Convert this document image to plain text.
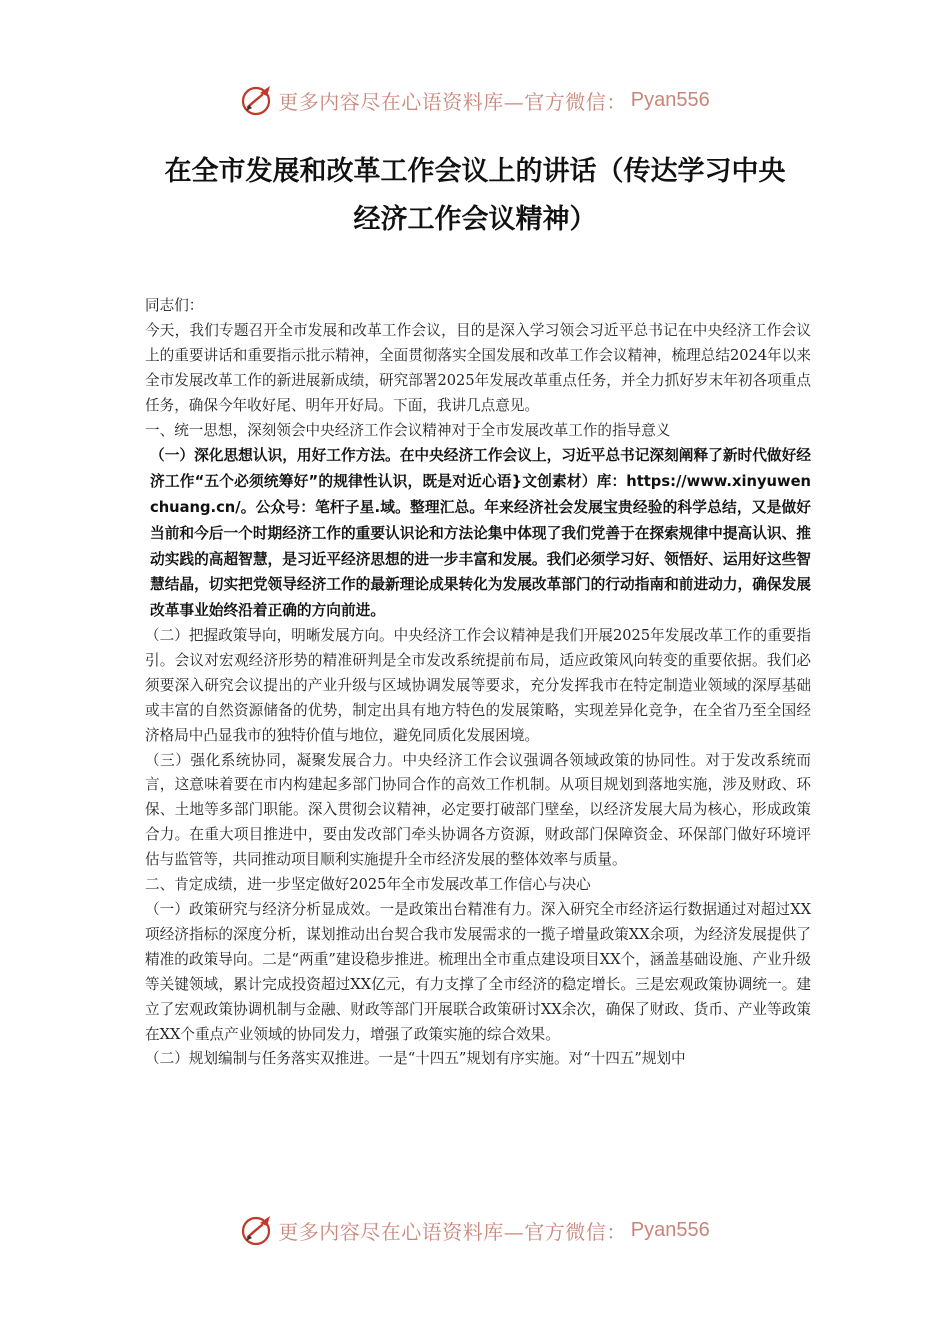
更多内容尽在心语资料库—官方微信： Pyan556
在全市发展和改革工作会议上的讲话（传达学习中央
经济工作会议精神）

同志们：

今天，我们专题召开全市发展和改革工作会议，目的是深入学习领会习近平总书记在中央经济工作会议上的重要讲话和重要指示批示精神，全面贯彻落实全国发展和改革工作会议精神，梳理总结2024年以来全市发展改革工作的新进展新成绩，研究部署2025年发展改革重点任务，并全力抓好岁末年初各项重点任务，确保今年收好尾、明年开好局。下面，我讲几点意见。

一、统一思想，深刻领会中央经济工作会议精神对于全市发展改革工作的指导意义

（一）深化思想认识，用好工作方法。在中央经济工作会议上，习近平总书记深刻阐释了新时代做好经济工作“五个必须统筹好”的规律性认识，既是对近心语}文创素材）库：https://www.xinyuwenchuang.cn/。公众号：笔杆子星.域。整理汇总。年来经济社会发展宝贵经验的科学总结，又是做好当前和今后一个时期经济工作的重要认识论和方法论集中体现了我们党善于在探索规律中提高认识、推动实践的高超智慧，是习近平经济思想的进一步丰富和发展。我们必须学习好、领悟好、运用好这些智慧结晶，切实把党领导经济工作的最新理论成果转化为发展改革部门的行动指南和前进动力，确保发展改革事业始终沿着正确的方向前进。

（二）把握政策导向，明晰发展方向。中央经济工作会议精神是我们开展2025年发展改革工作的重要指引。会议对宏观经济形势的精准研判是全市发改系统提前布局，适应政策风向转变的重要依据。我们必须要深入研究会议提出的产业升级与区域协调发展等要求，充分发挥我市在特定制造业领域的深厚基础或丰富的自然资源储备的优势，制定出具有地方特色的发展策略，实现差异化竞争，在全省乃至全国经济格局中凸显我市的独特价值与地位，避免同质化发展困境。

（三）强化系统协同，凝聚发展合力。中央经济工作会议强调各领域政策的协同性。对于发改系统而言，这意味着要在市内构建起多部门协同合作的高效工作机制。从项目规划到落地实施，涉及财政、环保、土地等多部门职能。深入贯彻会议精神，必定要打破部门壁垒，以经济发展大局为核心，形成政策合力。在重大项目推进中，要由发改部门牵头协调各方资源，财政部门保障资金、环保部门做好环境评估与监管等，共同推动项目顺利实施提升全市经济发展的整体效率与质量。

二、肯定成绩，进一步坚定做好2025年全市发展改革工作信心与决心

（一）政策研究与经济分析显成效。一是政策出台精准有力。深入研究全市经济运行数据通过对超过XX项经济指标的深度分析，谋划推动出台契合我市发展需求的一揽子增量政策XX余项，为经济发展提供了精准的政策导向。二是“两重”建设稳步推进。梳理出全市重点建设项目XX个，涵盖基础设施、产业升级等关键领域，累计完成投资超过XX亿元，有力支撑了全市经济的稳定增长。三是宏观政策协调统一。建立了宏观政策协调机制与金融、财政等部门开展联合政策研讨XX余次，确保了财政、货币、产业等政策在XX个重点产业领域的协同发力，增强了政策实施的综合效果。

（二）规划编制与任务落实双推进。一是“十四五”规划有序实施。对“十四五”规划中

更多内容尽在心语资料库—官方微信： Pyan556
